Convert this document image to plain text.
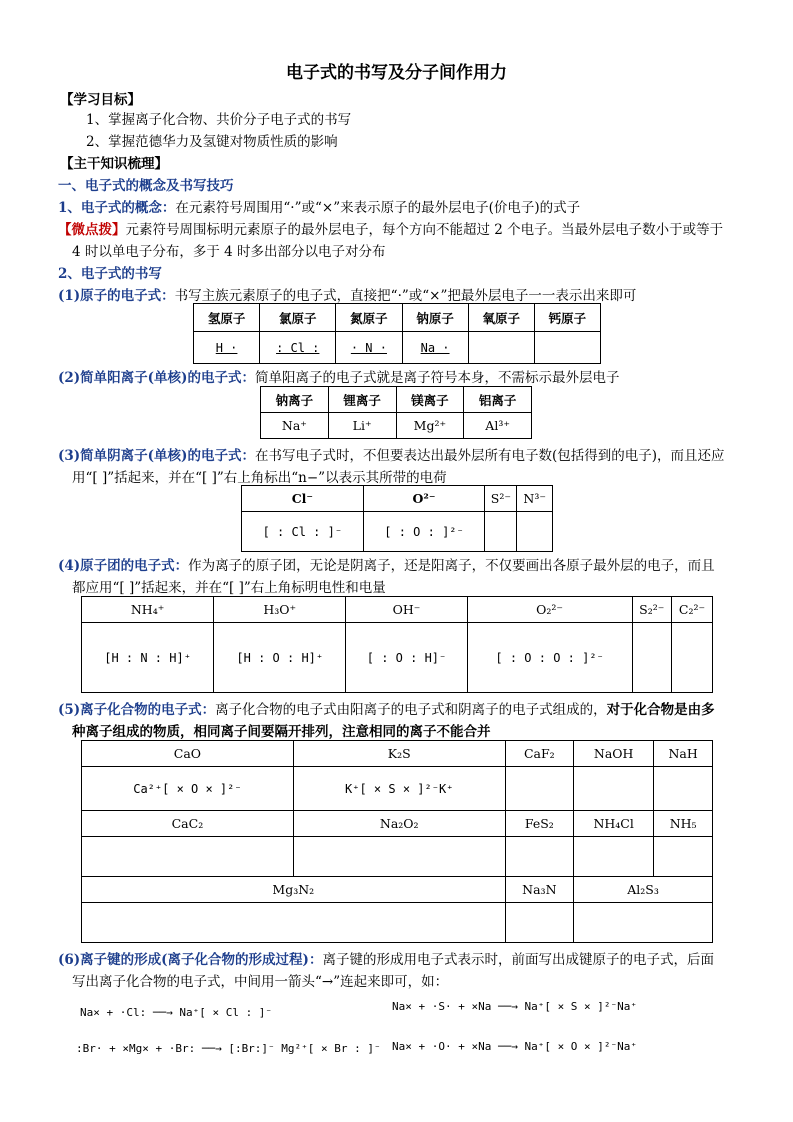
电子式的书写及分子间作用力
【学习目标】
1、掌握离子化合物、共价分子电子式的书写
2、掌握范德华力及氢键对物质性质的影响
【主干知识梳理】
一、电子式的概念及书写技巧
1、电子式的概念：在元素符号周围用“·”或“×”来表示原子的最外层电子(价电子)的式子
【微点拨】元素符号周围标明元素原子的最外层电子，每个方向不能超过 2 个电子。当最外层电子数小于或等于
4 时以单电子分布，多于 4 时多出部分以电子对分布
2、电子式的书写
(1)原子的电子式：书写主族元素原子的电子式，直接把“·”或“×”把最外层电子一一表示出来即可
氢原子	氯原子	氮原子	钠原子	氧原子	钙原子
H ·	: Cl :	· N ·	Na ·		
(2)简单阳离子(单核)的电子式：简单阳离子的电子式就是离子符号本身，不需标示最外层电子
钠离子	锂离子	镁离子	铝离子
Na⁺	Li⁺	Mg²⁺	Al³⁺
(3)简单阴离子(单核)的电子式：在书写电子式时，不但要表达出最外层所有电子数(包括得到的电子)，而且还应
用“[ ]”括起来，并在“[ ]”右上角标出“n−”以表示其所带的电荷
Cl⁻	O²⁻	S²⁻	N³⁻
[ : Cl : ]⁻	[ : O : ]²⁻		
(4)原子团的电子式：作为离子的原子团，无论是阴离子，还是阳离子，不仅要画出各原子最外层的电子，而且
都应用“[ ]”括起来，并在“[ ]”右上角标明电性和电量
NH₄⁺	H₃O⁺	OH⁻	O₂²⁻	S₂²⁻	C₂²⁻
[H : N : H]⁺	[H : O : H]⁺	[ : O : H]⁻	[ : O : O : ]²⁻		
(5)离子化合物的电子式：离子化合物的电子式由阳离子的电子式和阴离子的电子式组成的，对于化合物是由多
种离子组成的物质，相同离子间要隔开排列，注意相同的离子不能合并
CaO	K₂S	CaF₂	NaOH	NaH
Ca²⁺[ × O × ]²⁻	K⁺[ × S × ]²⁻K⁺			
CaC₂	Na₂O₂	FeS₂	NH₄Cl	NH₅

Mg₃N₂		Na₃N	Al₂S₃	

(6)离子键的形成(离子化合物的形成过程)：离子键的形成用电子式表示时，前面写出成键原子的电子式，后面
写出离子化合物的电子式，中间用一箭头“→”连起来即可，如：
Na× + ·Cl: ──→ Na⁺[ × Cl : ]⁻
:Br· + ×Mg× + ·Br: ──→ [:Br:]⁻ Mg²⁺[ × Br : ]⁻
Na× + ·S· + ×Na ──→ Na⁺[ × S × ]²⁻Na⁺
Na× + ·O· + ×Na ──→ Na⁺[ × O × ]²⁻Na⁺
